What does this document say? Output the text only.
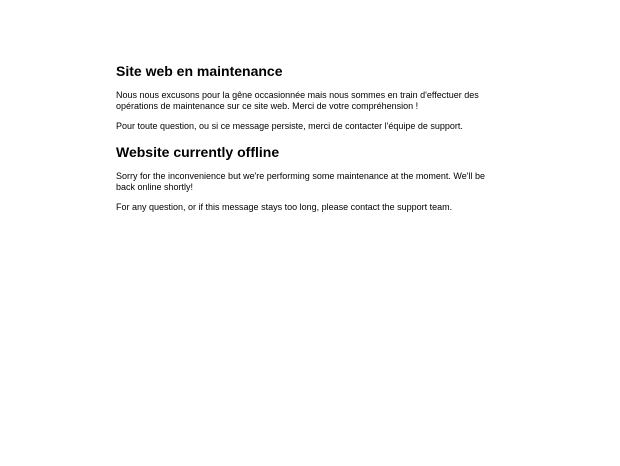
Site web en maintenance

Nous nous excusons pour la gêne occasionnée mais nous sommes en train d'effectuer des opérations de maintenance sur ce site web. Merci de votre compréhension !

Pour toute question, ou si ce message persiste, merci de contacter l'équipe de support.

Website currently offline

Sorry for the inconvenience but we're performing some maintenance at the moment. We'll be back online shortly!

For any question, or if this message stays too long, please contact the support team.
